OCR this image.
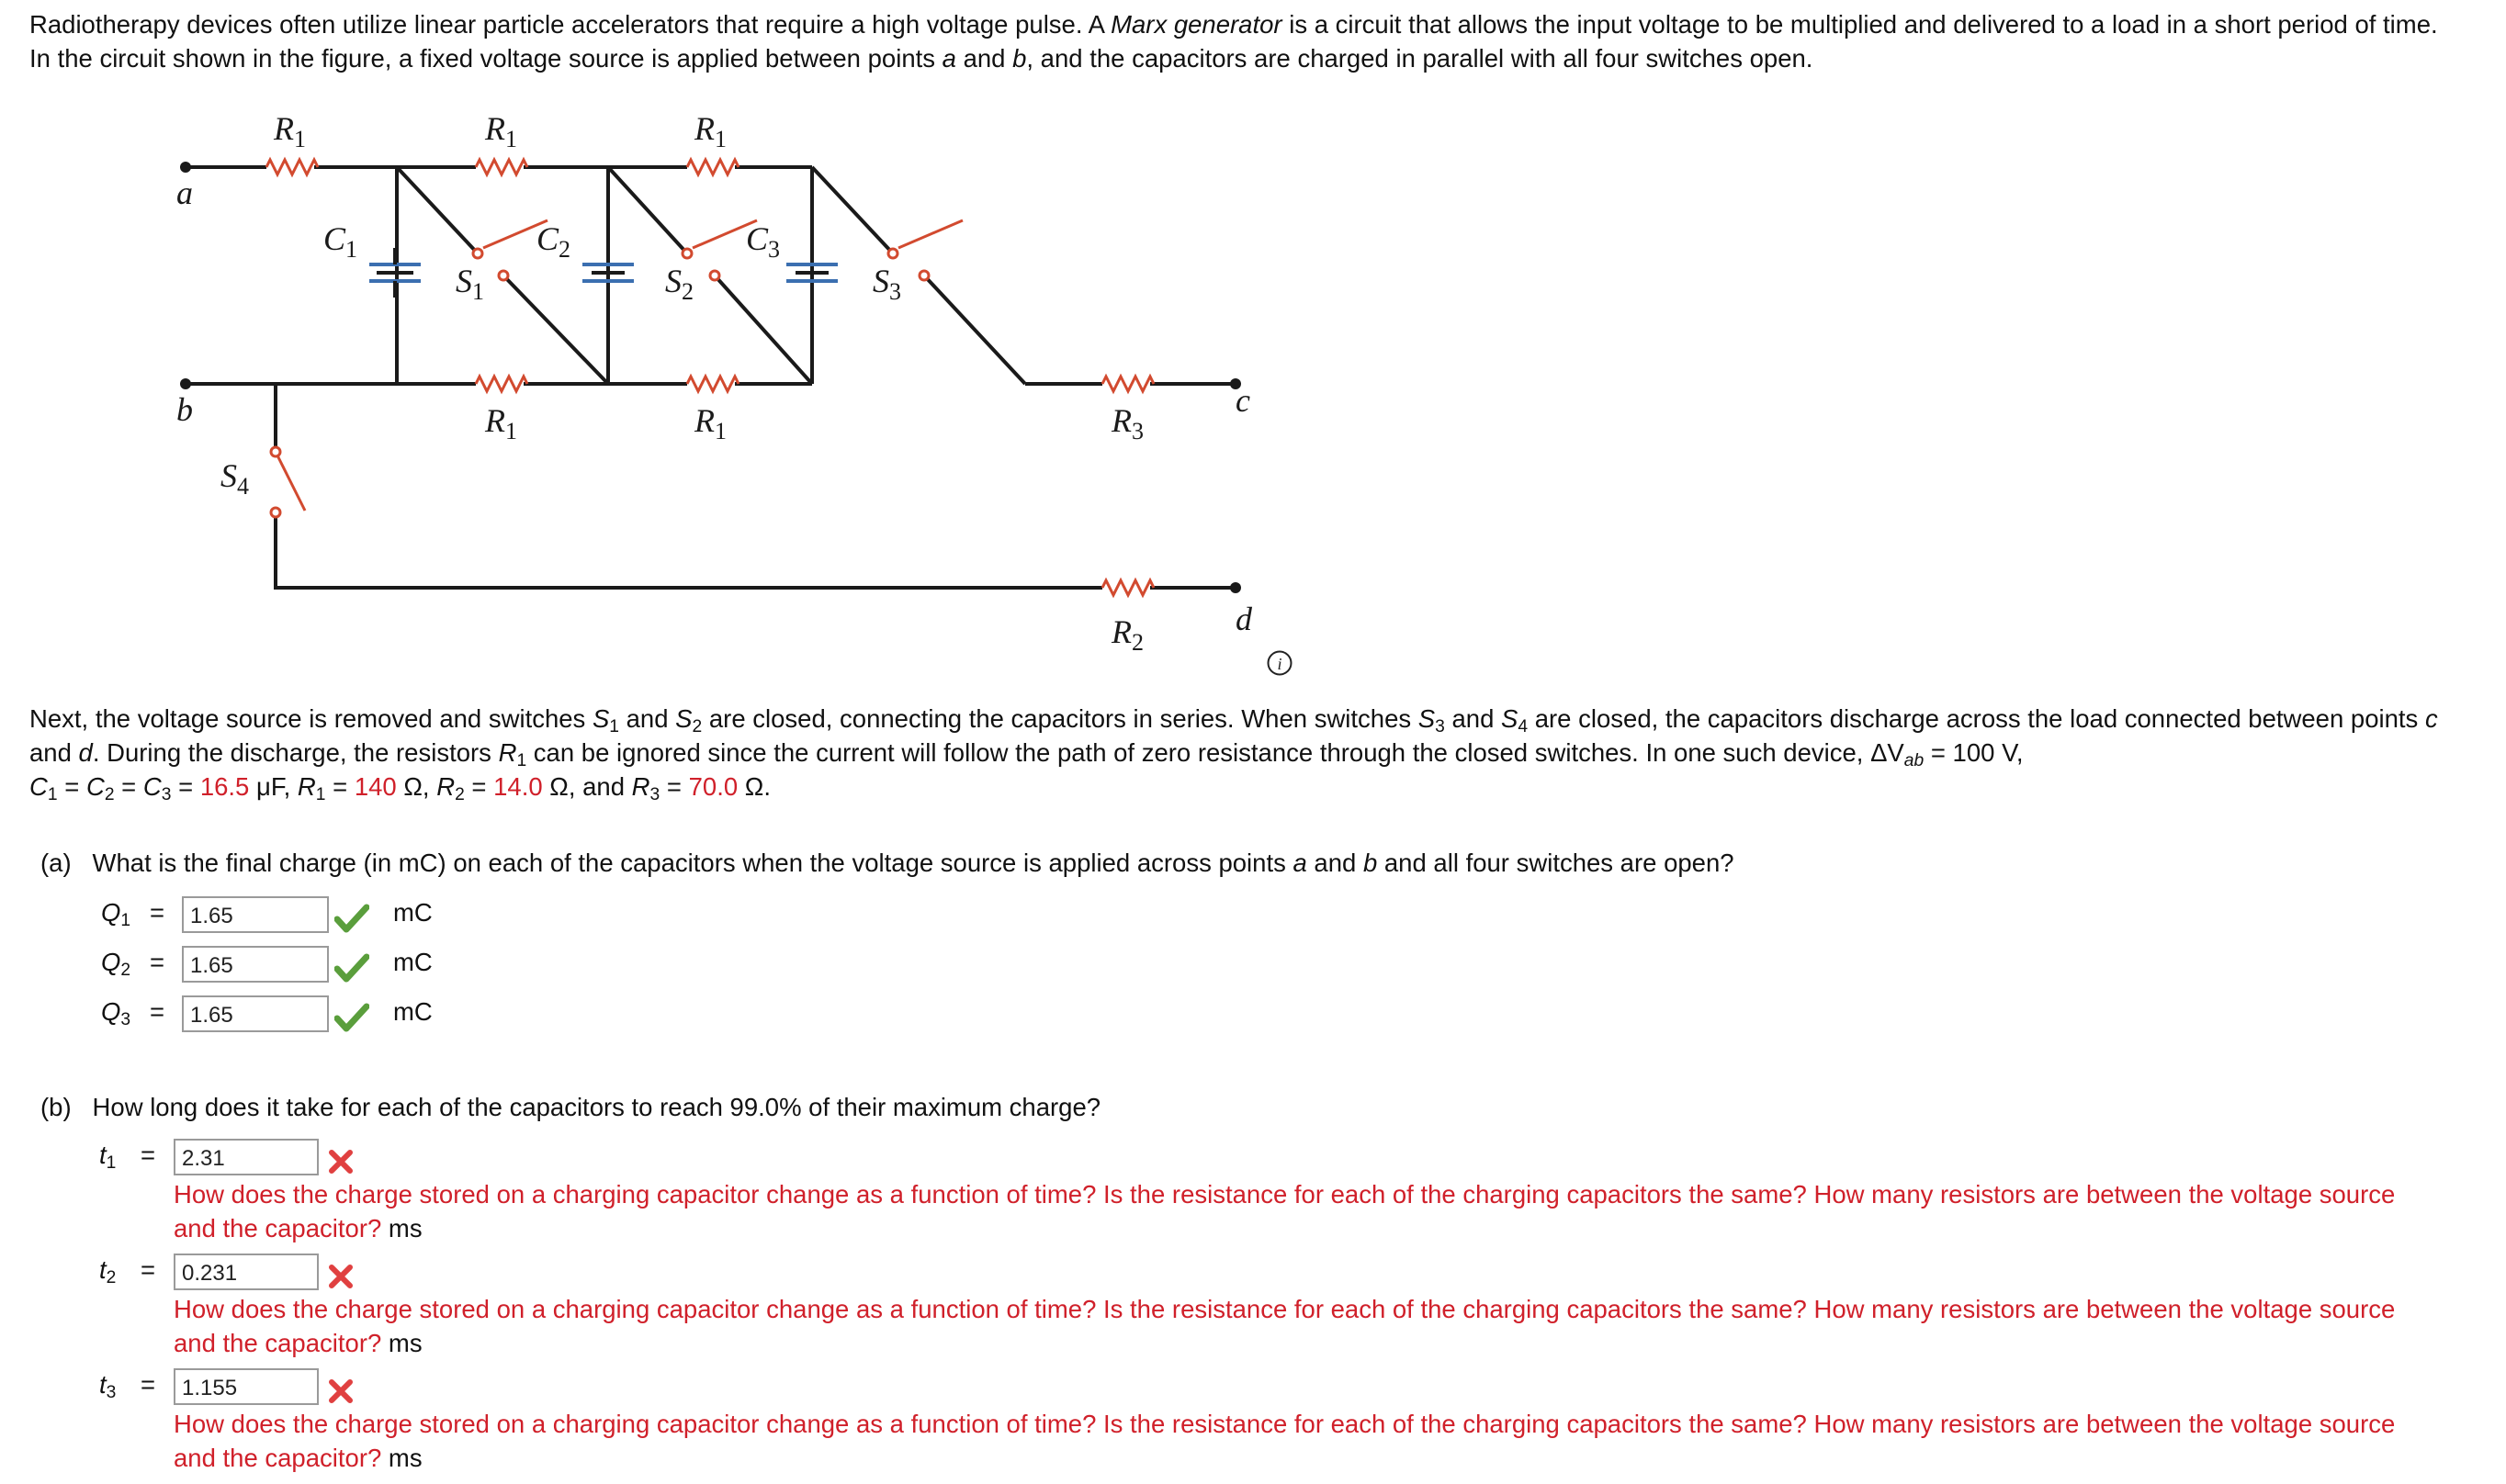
Radiotherapy devices often utilize linear particle accelerators that require a high voltage pulse. A Marx generator is a circuit that allows the input voltage to be multiplied and delivered to a load in a short period of time. In the circuit shown in the figure, a fixed voltage source is applied between points a and b, and the capacitors are charged in parallel with all four switches open.

a
b	c
d
$R_1$	$R_1$	$R_1$
$R_1$	$R_1$	$R_3$
$R_2$
$C_1$	$C_2$	$C_3$
$S_1$	$S_2$	$S_3$
$S_4$
i

Next, the voltage source is removed and switches $S_1$ and $S_2$ are closed, connecting the capacitors in series. When switches $S_3$ and $S_4$ are closed, the capacitors discharge across the load connected between points c and d. During the discharge, the resistors $R_1$ can be ignored since the current will follow the path of zero resistance through the closed switches. In one such device, $\Delta V_{ab} = 100$ V,
$C_1 = C_2 = C_3 = 16.5$ μF, $R_1 = 140$ Ω, $R_2 = 14.0$ Ω, and $R_3 = 70.0$ Ω.

(a) What is the final charge (in mC) on each of the capacitors when the voltage source is applied across points a and b and all four switches are open?
$Q_1$ =	1.65	mC
$Q_2$ =	1.65	mC
$Q_3$ =	1.65	mC
(b) How long does it take for each of the capacitors to reach 99.0% of their maximum charge?
$t_1$ =	2.31
How does the charge stored on a charging capacitor change as a function of time? Is the resistance for each of the charging capacitors the same? How many resistors are between the voltage source and the capacitor? ms
$t_2$ =	0.231
How does the charge stored on a charging capacitor change as a function of time? Is the resistance for each of the charging capacitors the same? How many resistors are between the voltage source and the capacitor? ms
$t_3$ =	1.155
How does the charge stored on a charging capacitor change as a function of time? Is the resistance for each of the charging capacitors the same? How many resistors are between the voltage source and the capacitor? ms
